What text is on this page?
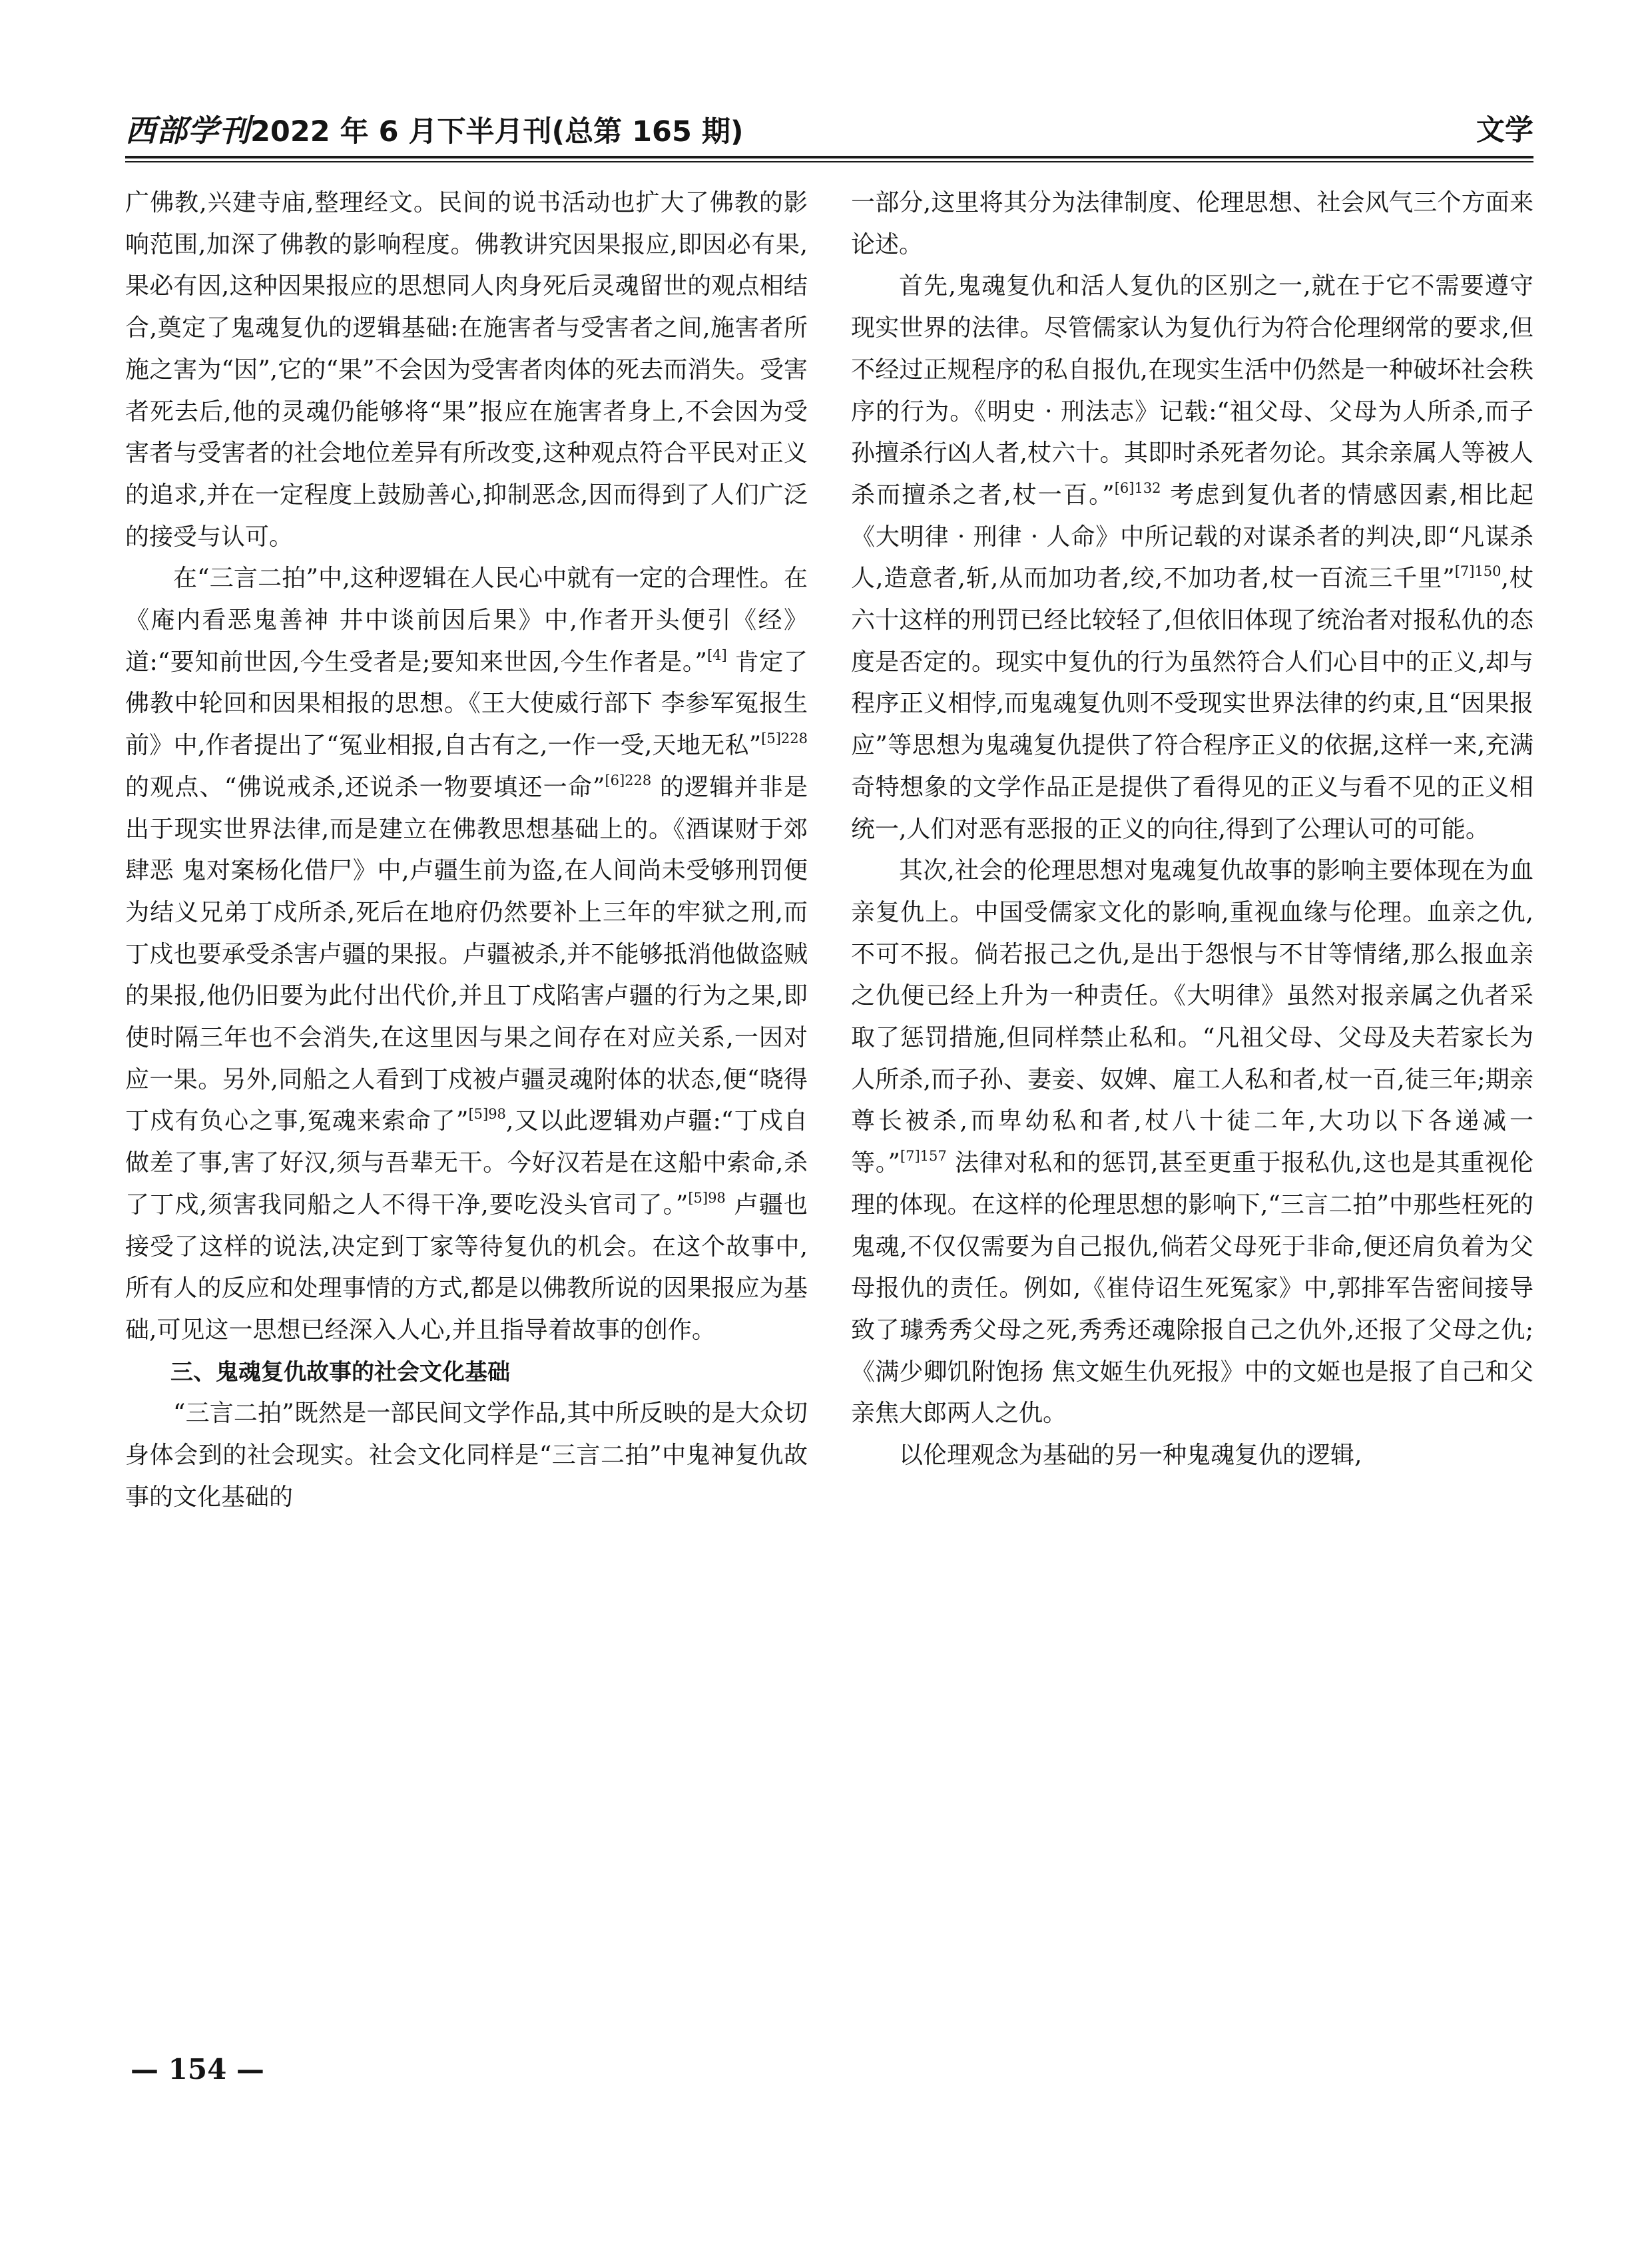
西部学刊2022 年 6 月下半月刊(总第 165 期)	文学

广佛教,兴建寺庙,整理经文。民间的说书活动也扩大了佛教的影响范围,加深了佛教的影响程度。佛教讲究因果报应,即因必有果,果必有因,这种因果报应的思想同人肉身死后灵魂留世的观点相结合,奠定了鬼魂复仇的逻辑基础:在施害者与受害者之间,施害者所施之害为“因”,它的“果”不会因为受害者肉体的死去而消失。受害者死去后,他的灵魂仍能够将“果”报应在施害者身上,不会因为受害者与受害者的社会地位差异有所改变,这种观点符合平民对正义的追求,并在一定程度上鼓励善心,抑制恶念,因而得到了人们广泛的接受与认可。

在“三言二拍”中,这种逻辑在人民心中就有一定的合理性。在《庵内看恶鬼善神 井中谈前因后果》中,作者开头便引《经》道:“要知前世因,今生受者是;要知来世因,今生作者是。”[4] 肯定了佛教中轮回和因果相报的思想。《王大使威行部下 李参军冤报生前》中,作者提出了“冤业相报,自古有之,一作一受,天地无私”$^{[5]228}$ 的观点、“佛说戒杀,还说杀一物要填还一命”$^{[6]228}$ 的逻辑并非是出于现实世界法律,而是建立在佛教思想基础上的。《酒谋财于郊肆恶 鬼对案杨化借尸》中,卢疆生前为盗,在人间尚未受够刑罚便为结义兄弟丁戍所杀,死后在地府仍然要补上三年的牢狱之刑,而丁戍也要承受杀害卢疆的果报。卢疆被杀,并不能够抵消他做盗贼的果报,他仍旧要为此付出代价,并且丁戍陷害卢疆的行为之果,即使时隔三年也不会消失,在这里因与果之间存在对应关系,一因对应一果。另外,同船之人看到丁戍被卢疆灵魂附体的状态,便“晓得丁戍有负心之事,冤魂来索命了”$^{[5]98}$,又以此逻辑劝卢疆:“丁戍自做差了事,害了好汉,须与吾辈无干。今好汉若是在这船中索命,杀了丁戍,须害我同船之人不得干净,要吃没头官司了。”$^{[5]98}$ 卢疆也接受了这样的说法,决定到丁家等待复仇的机会。在这个故事中,所有人的反应和处理事情的方式,都是以佛教所说的因果报应为基础,可见这一思想已经深入人心,并且指导着故事的创作。

三、鬼魂复仇故事的社会文化基础

“三言二拍”既然是一部民间文学作品,其中所反映的是大众切身体会到的社会现实。社会文化同样是“三言二拍”中鬼神复仇故事的文化基础的

一部分,这里将其分为法律制度、伦理思想、社会风气三个方面来论述。

首先,鬼魂复仇和活人复仇的区别之一,就在于它不需要遵守现实世界的法律。尽管儒家认为复仇行为符合伦理纲常的要求,但不经过正规程序的私自报仇,在现实生活中仍然是一种破坏社会秩序的行为。《明史 · 刑法志》记载:“祖父母、父母为人所杀,而子孙擅杀行凶人者,杖六十。其即时杀死者勿论。其余亲属人等被人杀而擅杀之者,杖一百。”$^{[6]132}$ 考虑到复仇者的情感因素,相比起《大明律 · 刑律 · 人命》中所记载的对谋杀者的判决,即“凡谋杀人,造意者,斩,从而加功者,绞,不加功者,杖一百流三千里”$^{[7]150}$,杖六十这样的刑罚已经比较轻了,但依旧体现了统治者对报私仇的态度是否定的。现实中复仇的行为虽然符合人们心目中的正义,却与程序正义相悖,而鬼魂复仇则不受现实世界法律的约束,且“因果报应”等思想为鬼魂复仇提供了符合程序正义的依据,这样一来,充满奇特想象的文学作品正是提供了看得见的正义与看不见的正义相统一,人们对恶有恶报的正义的向往,得到了公理认可的可能。

其次,社会的伦理思想对鬼魂复仇故事的影响主要体现在为血亲复仇上。中国受儒家文化的影响,重视血缘与伦理。血亲之仇,不可不报。倘若报己之仇,是出于怨恨与不甘等情绪,那么报血亲之仇便已经上升为一种责任。《大明律》虽然对报亲属之仇者采取了惩罚措施,但同样禁止私和。“凡祖父母、父母及夫若家长为人所杀,而子孙、妻妾、奴婢、雇工人私和者,杖一百,徒三年;期亲尊长被杀,而卑幼私和者,杖八十徒二年,大功以下各递减一等。”$^{[7]157}$ 法律对私和的惩罚,甚至更重于报私仇,这也是其重视伦理的体现。在这样的伦理思想的影响下,“三言二拍”中那些枉死的鬼魂,不仅仅需要为自己报仇,倘若父母死于非命,便还肩负着为父母报仇的责任。例如,《崔侍诏生死冤家》中,郭排军告密间接导致了璩秀秀父母之死,秀秀还魂除报自己之仇外,还报了父母之仇;《满少卿饥附饱扬 焦文姬生仇死报》中的文姬也是报了自己和父亲焦大郎两人之仇。

以伦理观念为基础的另一种鬼魂复仇的逻辑,

— 154 —
